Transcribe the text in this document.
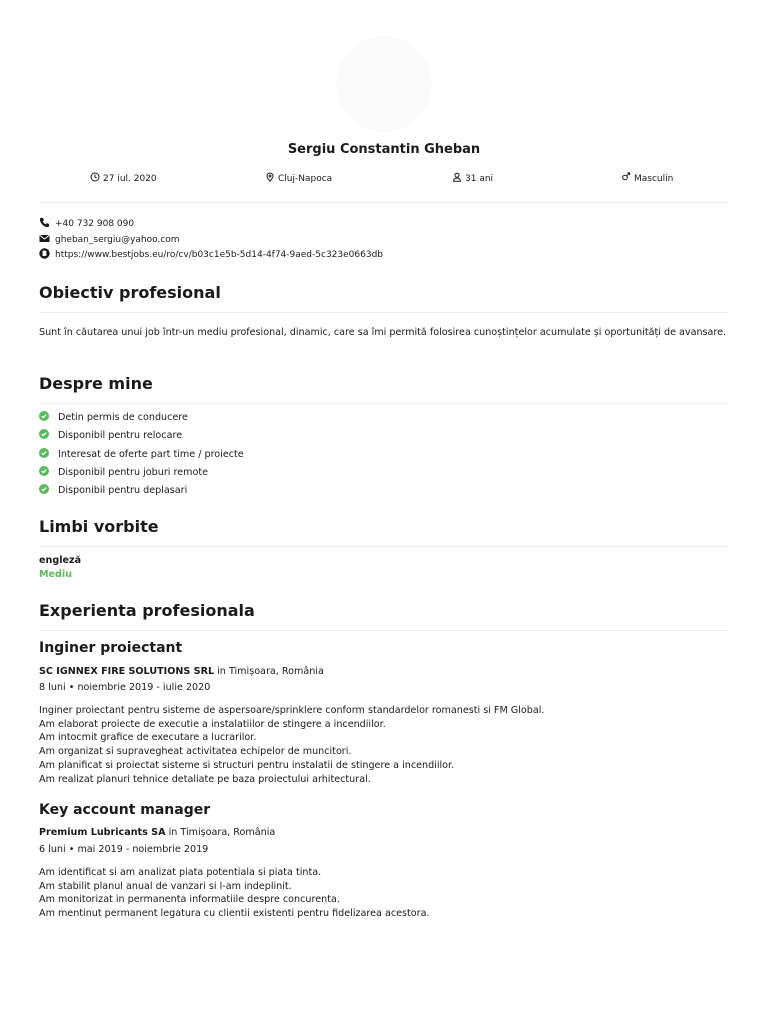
Sergiu Constantin Gheban
27 iul. 2020	Cluj-Napoca	31 ani	Masculin
+40 732 908 090
gheban_sergiu@yahoo.com
https://www.bestjobs.eu/ro/cv/b03c1e5b-5d14-4f74-9aed-5c323e0663db
Obiectiv profesional
Sunt în căutarea unui job într-un mediu profesional, dinamic, care sa îmi permită folosirea cunoștințelor acumulate și oportunități de avansare.
Despre mine
Detin permis de conducere
Disponibil pentru relocare
Interesat de oferte part time / proiecte
Disponibil pentru joburi remote
Disponibil pentru deplasari
Limbi vorbite
engleză
Mediu
Experienta profesionala
Inginer proiectant
SC IGNNEX FIRE SOLUTIONS SRL in Timișoara, România
8 luni • noiembrie 2019 - iulie 2020
Inginer proiectant pentru sisteme de aspersoare/sprinklere conform standardelor romanesti si FM Global.
Am elaborat proiecte de executie a instalatiilor de stingere a incendiilor.
Am intocmit grafice de executare a lucrarilor.
Am organizat si supravegheat activitatea echipelor de muncitori.
Am planificat si proiectat sisteme si structuri pentru instalatii de stingere a incendiilor.
Am realizat planuri tehnice detaliate pe baza proiectului arhitectural.
Key account manager
Premium Lubricants SA in Timișoara, România
6 luni • mai 2019 - noiembrie 2019
Am identificat si am analizat piata potentiala si piata tinta.
Am stabilit planul anual de vanzari si l-am indeplinit.
Am monitorizat in permanenta informatiile despre concurenta.
Am mentinut permanent legatura cu clientii existenti pentru fidelizarea acestora.
